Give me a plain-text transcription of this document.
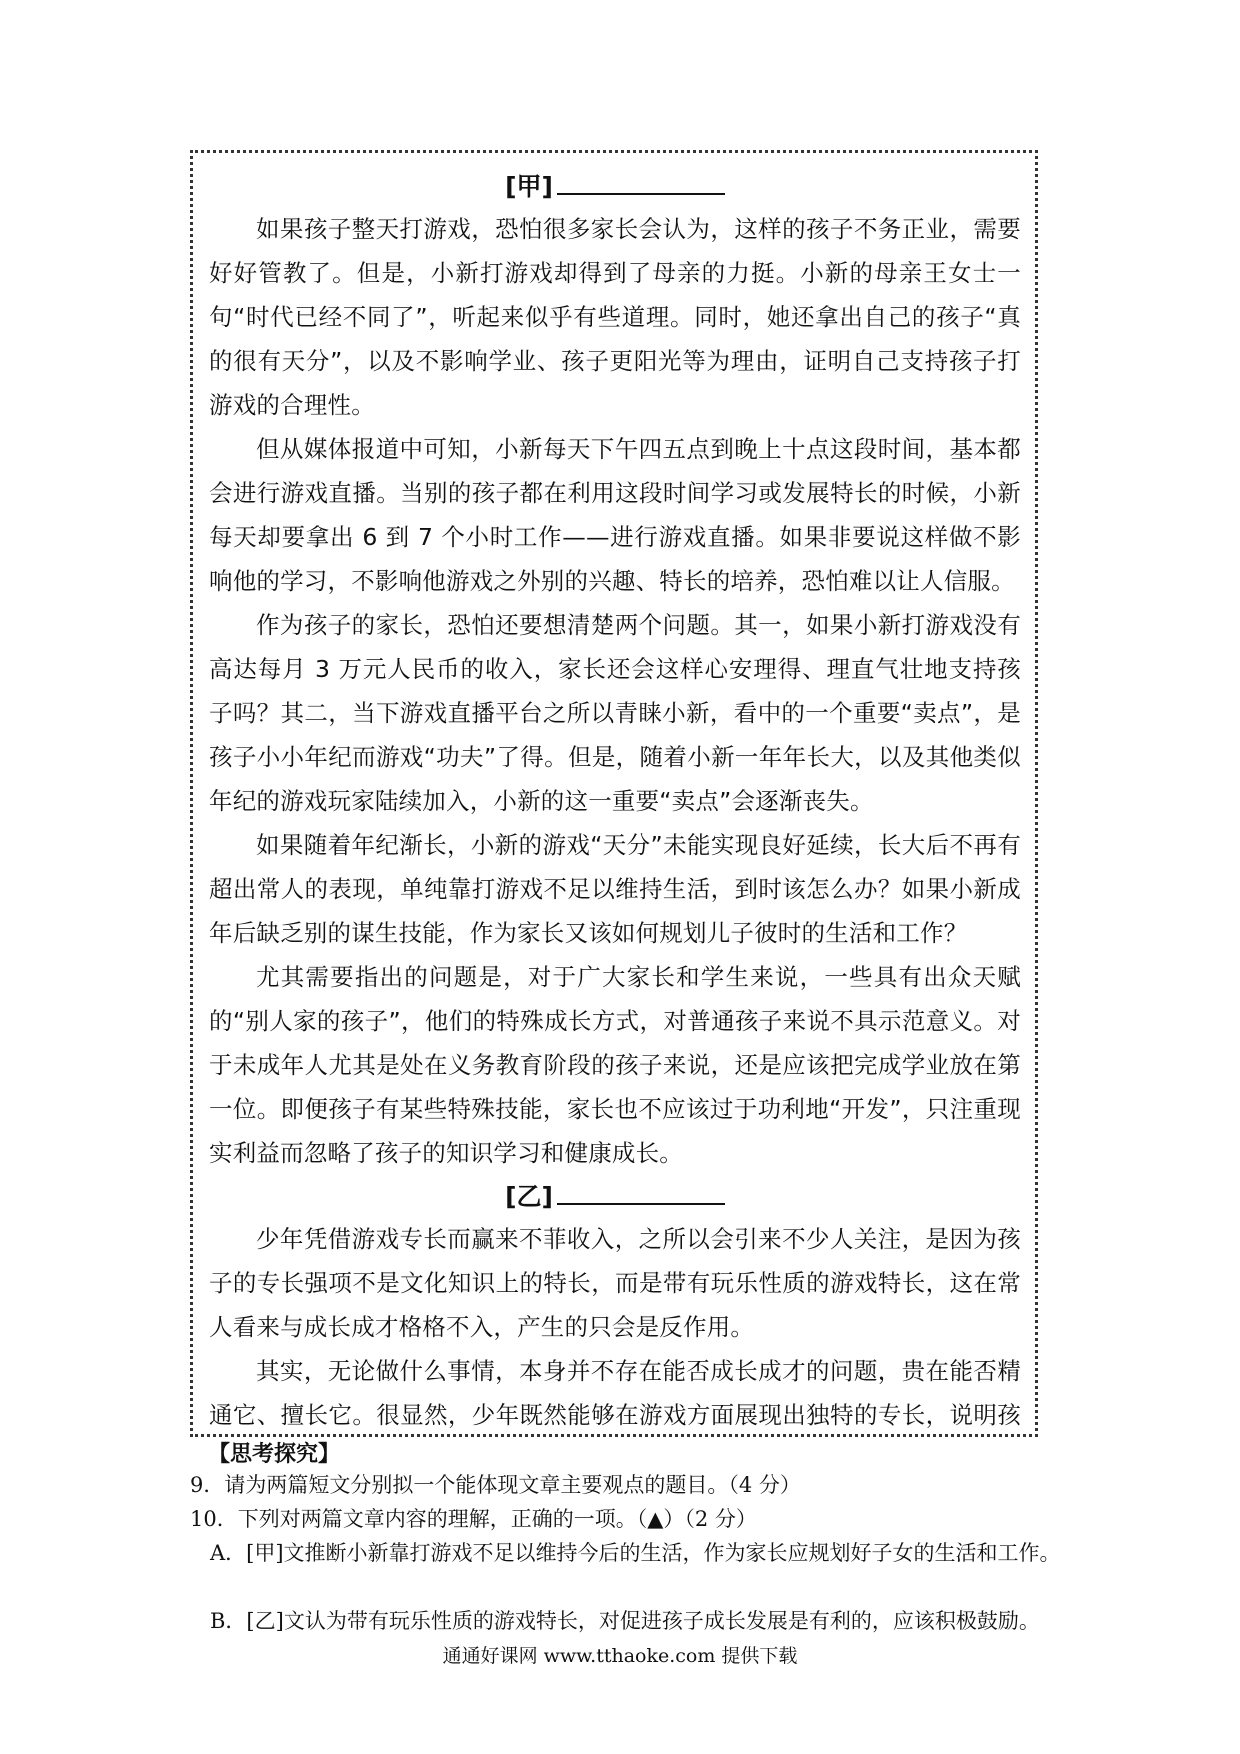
[甲]

如果孩子整天打游戏，恐怕很多家长会认为，这样的孩子不务正业，需要好好管教了。但是，小新打游戏却得到了母亲的力挺。小新的母亲王女士一句“时代已经不同了”，听起来似乎有些道理。同时，她还拿出自己的孩子“真的很有天分”，以及不影响学业、孩子更阳光等为理由，证明自己支持孩子打游戏的合理性。

但从媒体报道中可知，小新每天下午四五点到晚上十点这段时间，基本都会进行游戏直播。当别的孩子都在利用这段时间学习或发展特长的时候，小新每天却要拿出 6 到 7 个小时工作——进行游戏直播。如果非要说这样做不影响他的学习，不影响他游戏之外别的兴趣、特长的培养，恐怕难以让人信服。

作为孩子的家长，恐怕还要想清楚两个问题。其一，如果小新打游戏没有高达每月 3 万元人民币的收入，家长还会这样心安理得、理直气壮地支持孩子吗？其二，当下游戏直播平台之所以青睐小新，看中的一个重要“卖点”，是孩子小小年纪而游戏“功夫”了得。但是，随着小新一年年长大，以及其他类似年纪的游戏玩家陆续加入，小新的这一重要“卖点”会逐渐丧失。

如果随着年纪渐长，小新的游戏“天分”未能实现良好延续，长大后不再有超出常人的表现，单纯靠打游戏不足以维持生活，到时该怎么办？如果小新成年后缺乏别的谋生技能，作为家长又该如何规划儿子彼时的生活和工作？

尤其需要指出的问题是，对于广大家长和学生来说，一些具有出众天赋的“别人家的孩子”，他们的特殊成长方式，对普通孩子来说不具示范意义。对于未成年人尤其是处在义务教育阶段的孩子来说，还是应该把完成学业放在第一位。即便孩子有某些特殊技能，家长也不应该过于功利地“开发”，只注重现实利益而忽略了孩子的知识学习和健康成长。

[乙]

少年凭借游戏专长而赢来不菲收入，之所以会引来不少人关注，是因为孩子的专长强项不是文化知识上的特长，而是带有玩乐性质的游戏特长，这在常人看来与成长成才格格不入，产生的只会是反作用。

其实，无论做什么事情，本身并不存在能否成长成才的问题，贵在能否精通它、擅长它。很显然，少年既然能够在游戏方面展现出独特的专长，说明孩

【思考探究】
9．请为两篇短文分别拟一个能体现文章主要观点的题目。（4 分）
10．下列对两篇文章内容的理解，正确的一项。（▲）（2 分）
A．[甲]文推断小新靠打游戏不足以维持今后的生活，作为家长应规划好子女的生活和工作。
B．[乙]文认为带有玩乐性质的游戏特长，对促进孩子成长发展是有利的，应该积极鼓励。
通通好课网 www.tthaoke.com 提供下载
